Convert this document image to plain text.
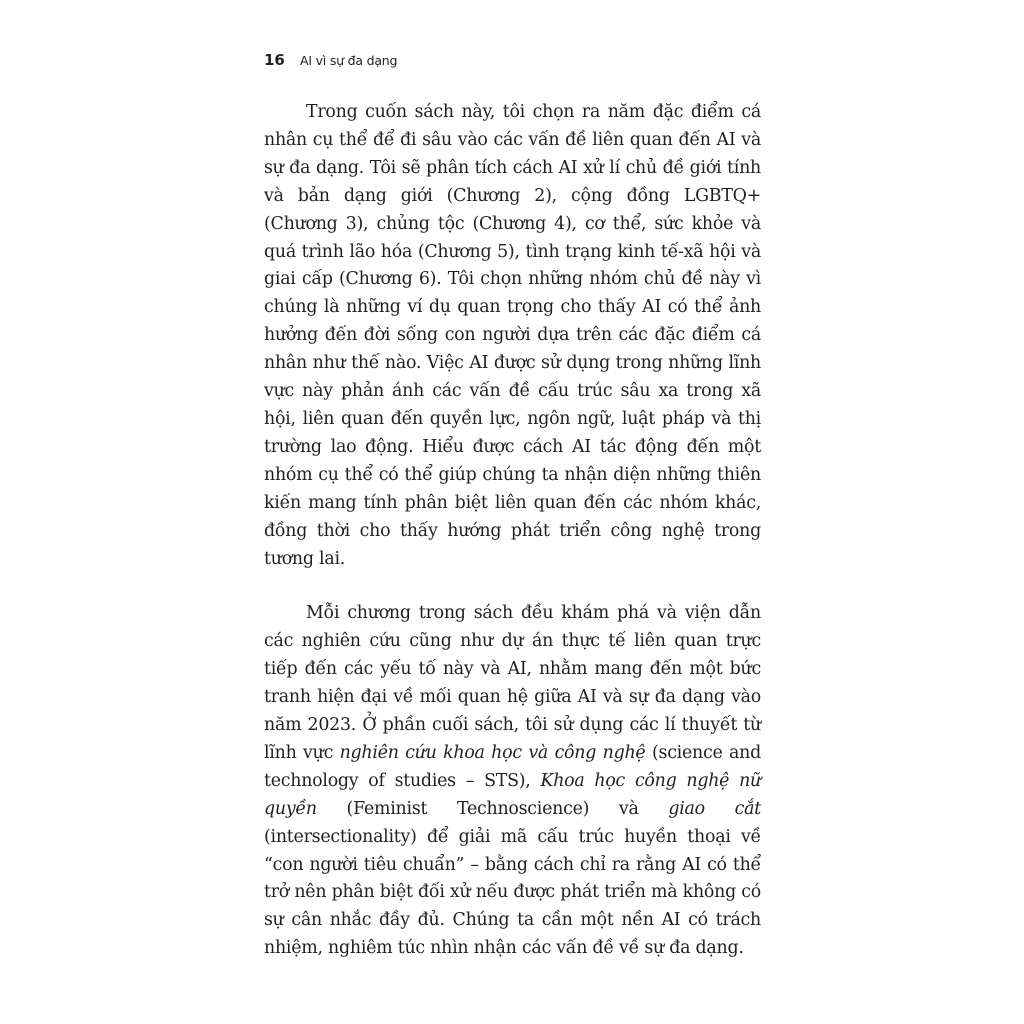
16 AI vì sự đa dạng

Trong cuốn sách này, tôi chọn ra năm đặc điểm cá nhân cụ thể để đi sâu vào các vấn đề liên quan đến AI và sự đa dạng. Tôi sẽ phân tích cách AI xử lí chủ đề giới tính và bản dạng giới (Chương 2), cộng đồng LGBTQ+ (Chương 3), chủng tộc (Chương 4), cơ thể, sức khỏe và quá trình lão hóa (Chương 5), tình trạng kinh tế-xã hội và giai cấp (Chương 6). Tôi chọn những nhóm chủ đề này vì chúng là những ví dụ quan trọng cho thấy AI có thể ảnh hưởng đến đời sống con người dựa trên các đặc điểm cá nhân như thế nào. Việc AI được sử dụng trong những lĩnh vực này phản ánh các vấn đề cấu trúc sâu xa trong xã hội, liên quan đến quyền lực, ngôn ngữ, luật pháp và thị trường lao động. Hiểu được cách AI tác động đến một nhóm cụ thể có thể giúp chúng ta nhận diện những thiên kiến mang tính phân biệt liên quan đến các nhóm khác, đồng thời cho thấy hướng phát triển công nghệ trong tương lai.

Mỗi chương trong sách đều khám phá và viện dẫn các nghiên cứu cũng như dự án thực tế liên quan trực tiếp đến các yếu tố này và AI, nhằm mang đến một bức tranh hiện đại về mối quan hệ giữa AI và sự đa dạng vào năm 2023. Ở phần cuối sách, tôi sử dụng các lí thuyết từ lĩnh vực nghiên cứu khoa học và công nghệ (science and technology of studies – STS), Khoa học công nghệ nữ quyền (Feminist Technoscience) và giao cắt (intersectionality) để giải mã cấu trúc huyền thoại về “con người tiêu chuẩn” – bằng cách chỉ ra rằng AI có thể trở nên phân biệt đối xử nếu được phát triển mà không có sự cân nhắc đầy đủ. Chúng ta cần một nền AI có trách nhiệm, nghiêm túc nhìn nhận các vấn đề về sự đa dạng.
